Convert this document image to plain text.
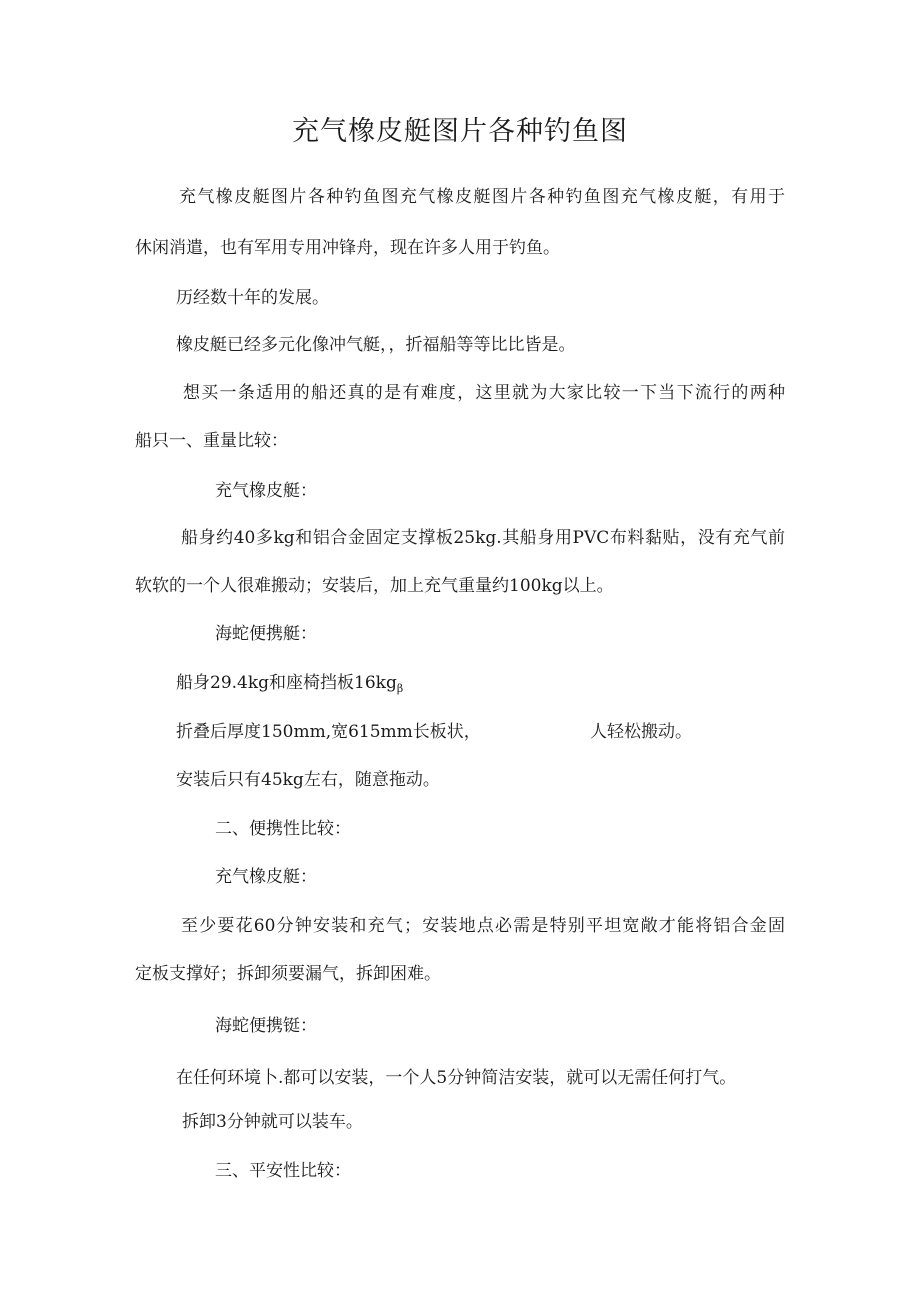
充气橡皮艇图片各种钓鱼图

充气橡皮艇图片各种钓鱼图充气橡皮艇图片各种钓鱼图充气橡皮艇，有用于

休闲消遣，也有军用专用冲锋舟，现在许多人用于钓鱼。

历经数十年的发展。

橡皮艇已经多元化像冲气艇，，折福船等等比比皆是。

想买一条适用的船还真的是有难度，这里就为大家比较一下当下流行的两种

船只一、重量比较：

充气橡皮艇：

船身约40多kg和铝合金固定支撑板25kg.其船身用PVC布料黏贴，没有充气前

软软的一个人很难搬动；安装后，加上充气重量约100kg以上。

海蛇便携艇：

船身29.4kg和座椅挡板$16kg_\beta$

折叠后厚度150mm,宽615mm长板状，	人轻松搬动。

安装后只有45kg左右，随意拖动。

二、便携性比较：

充气橡皮艇：

至少要花60分钟安装和充气；安装地点必需是特别平坦宽敞才能将铝合金固

定板支撑好；拆卸须要漏气，拆卸困难。

海蛇便携铤：

在任何环境卜.都可以安装，一个人5分钟简洁安装，就可以无需任何打气。

拆卸3分钟就可以装车。

三、平安性比较：
